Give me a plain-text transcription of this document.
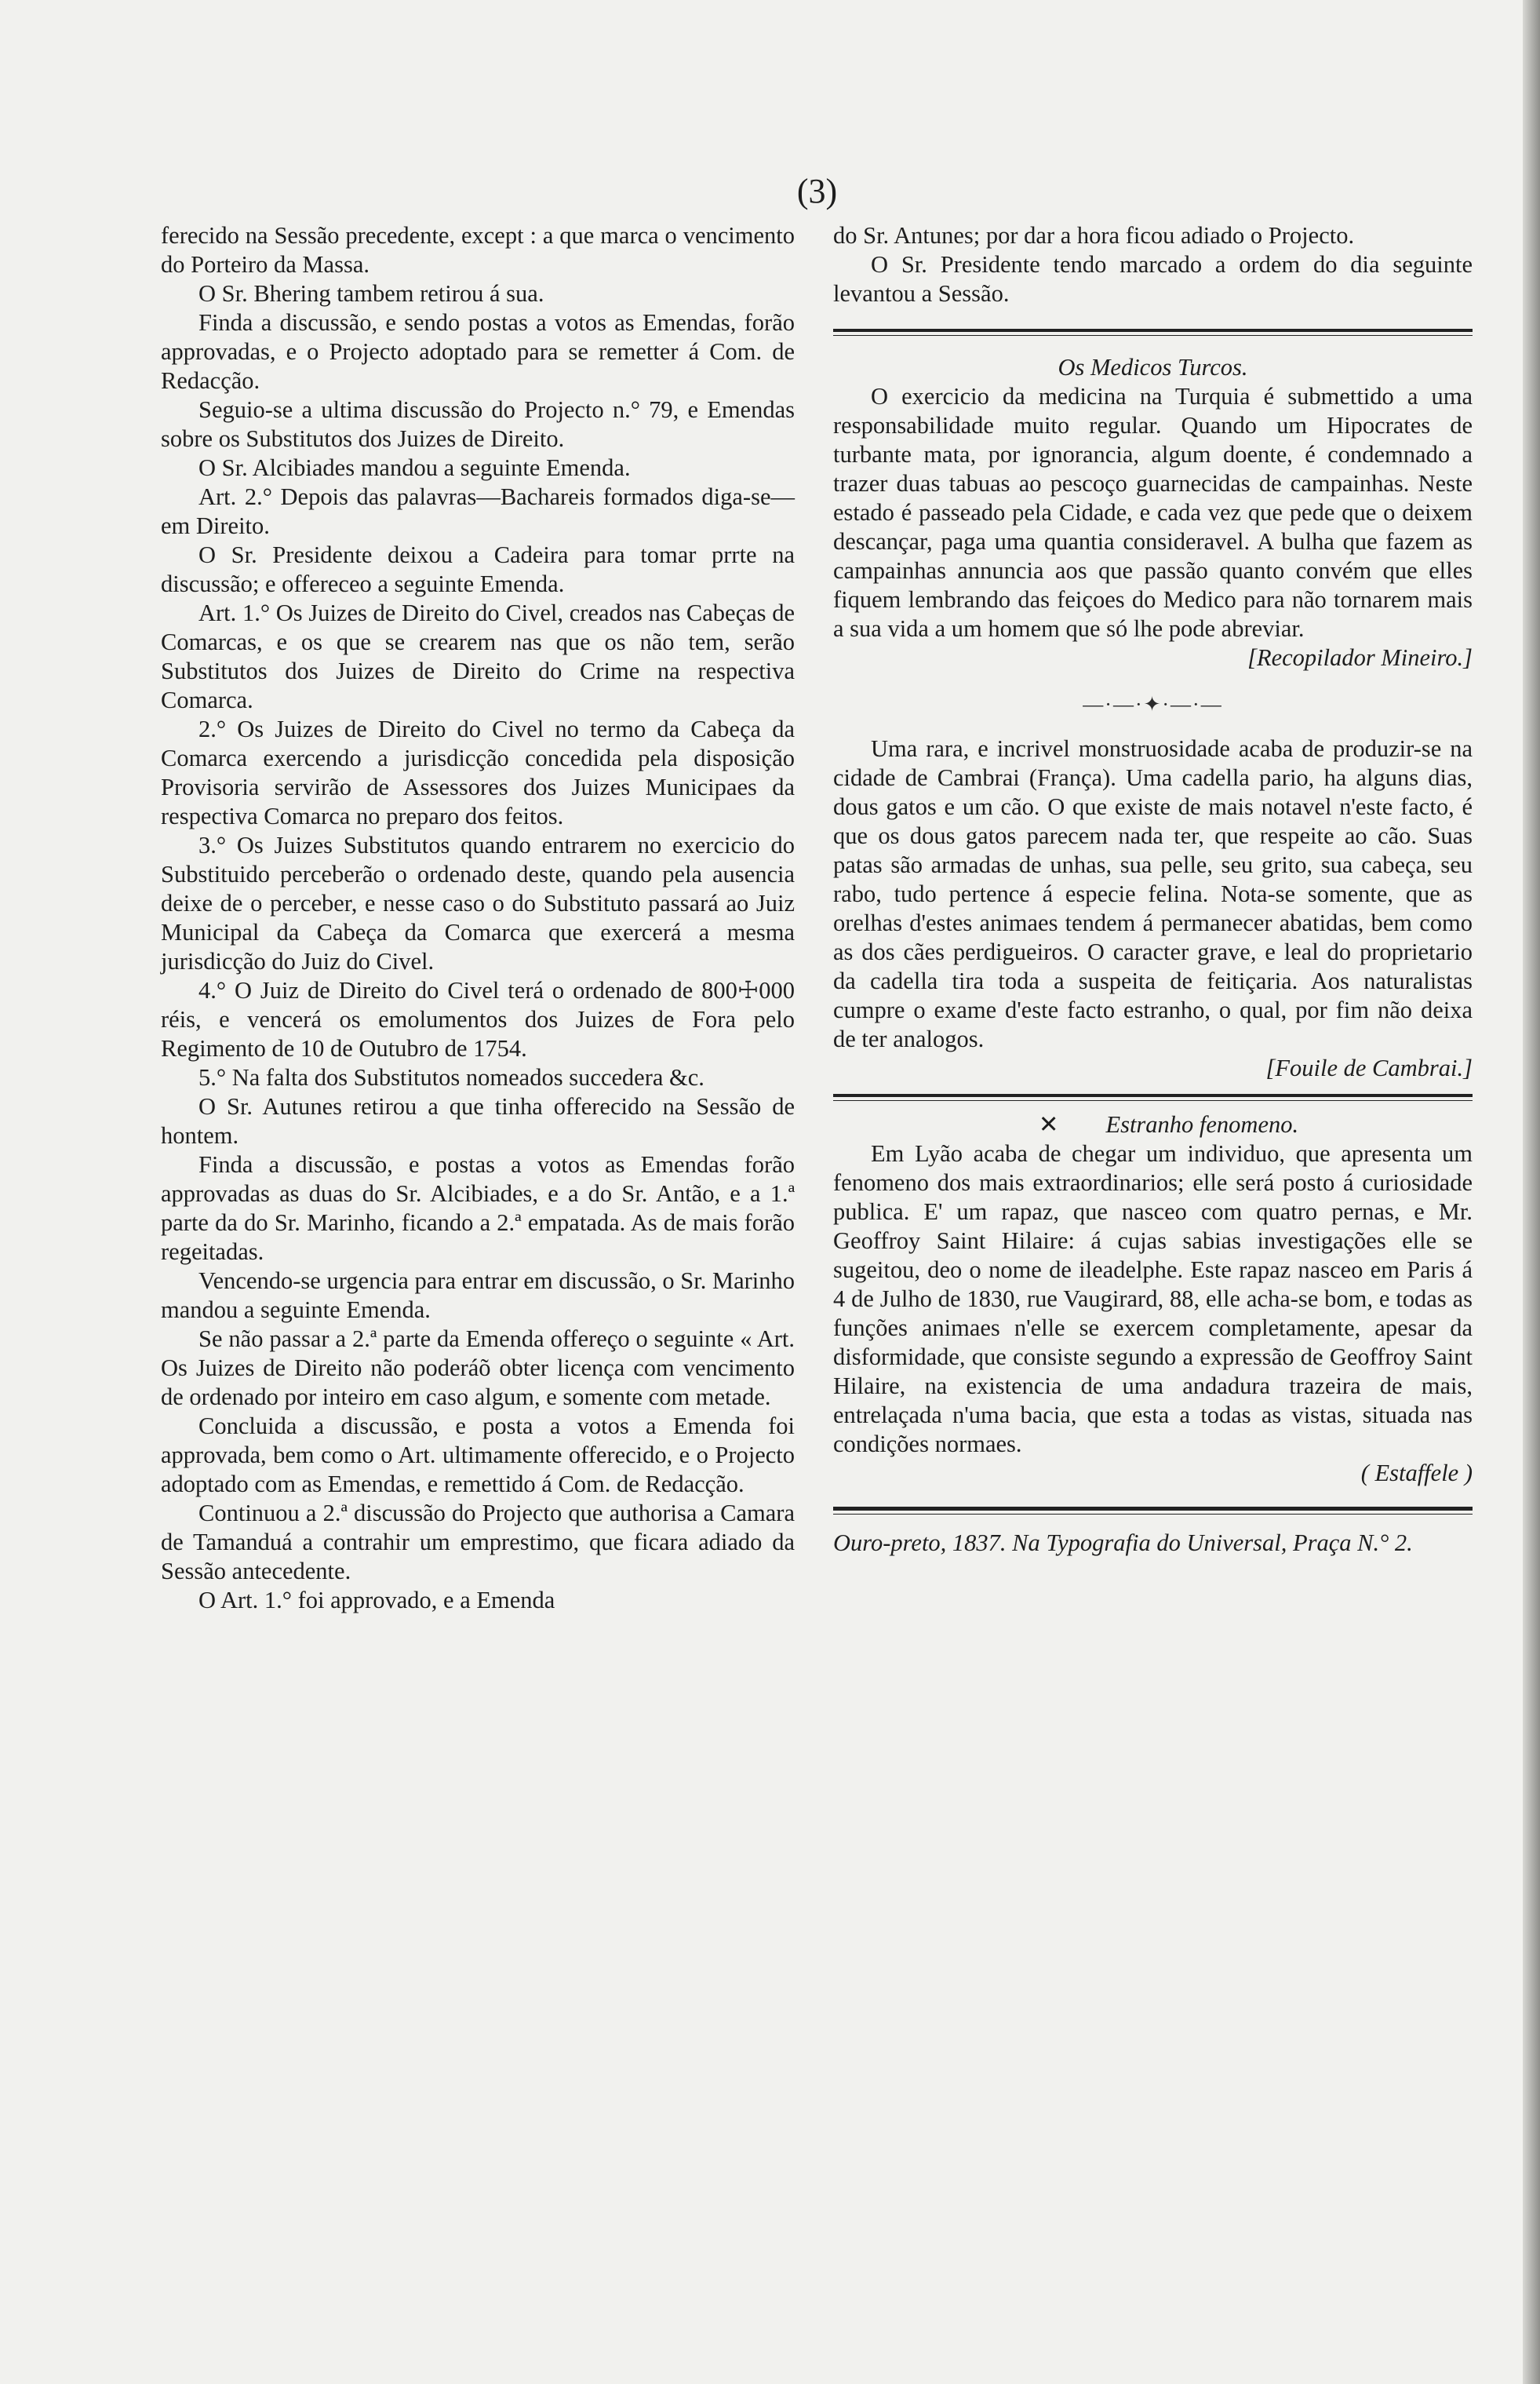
(3)

ferecido na Sessão precedente, except : a que marca o vencimento do Porteiro da Massa.

O Sr. Bhering tambem retirou á sua.

Finda a discussão, e sendo postas a votos as Emendas, forão approvadas, e o Projecto adoptado para se remetter á Com. de Redacção.

Seguio-se a ultima discussão do Projecto n.° 79, e Emendas sobre os Substitutos dos Juizes de Direito.

O Sr. Alcibiades mandou a seguinte Emenda.

Art. 2.° Depois das palavras—Bachareis formados diga-se—em Direito.

O Sr. Presidente deixou a Cadeira para tomar prrte na discussão; e offereceo a seguinte Emenda.

Art. 1.° Os Juizes de Direito do Civel, creados nas Cabeças de Comarcas, e os que se crearem nas que os não tem, serão Substitutos dos Juizes de Direito do Crime na respectiva Comarca.

2.° Os Juizes de Direito do Civel no termo da Cabeça da Comarca exercendo a jurisdicção concedida pela disposição Provisoria servirão de Assessores dos Juizes Municipaes da respectiva Comarca no preparo dos feitos.

3.° Os Juizes Substitutos quando entrarem no exercicio do Substituido perceberão o ordenado deste, quando pela ausencia deixe de o perceber, e nesse caso o do Substituto passará ao Juiz Municipal da Cabeça da Comarca que exercerá a mesma jurisdicção do Juiz do Civel.

4.° O Juiz de Direito do Civel terá o ordenado de 800☩000 réis, e vencerá os emolumentos dos Juizes de Fora pelo Regimento de 10 de Outubro de 1754.

5.° Na falta dos Substitutos nomeados succedera &c.

O Sr. Autunes retirou a que tinha offerecido na Sessão de hontem.

Finda a discussão, e postas a votos as Emendas forão approvadas as duas do Sr. Alcibiades, e a do Sr. Antão, e a 1.ª parte da do Sr. Marinho, ficando a 2.ª empatada. As de mais forão regeitadas.

Vencendo-se urgencia para entrar em discussão, o Sr. Marinho mandou a seguinte Emenda.

Se não passar a 2.ª parte da Emenda offereço o seguinte « Art. Os Juizes de Direito não poderáõ obter licença com vencimento de ordenado por inteiro em caso algum, e somente com metade.

Concluida a discussão, e posta a votos a Emenda foi approvada, bem como o Art. ultimamente offerecido, e o Projecto adoptado com as Emendas, e remettido á Com. de Redacção.

Continuou a 2.ª discussão do Projecto que authorisa a Camara de Tamanduá a contrahir um emprestimo, que ficara adiado da Sessão antecedente.

O Art. 1.° foi approvado, e a Emenda

do Sr. Antunes; por dar a hora ficou adiado o Projecto.

O Sr. Presidente tendo marcado a ordem do dia seguinte levantou a Sessão.

Os Medicos Turcos.

O exercicio da medicina na Turquia é submettido a uma responsabilidade muito regular. Quando um Hipocrates de turbante mata, por ignorancia, algum doente, é condemnado a trazer duas tabuas ao pescoço guarnecidas de campainhas. Neste estado é passeado pela Cidade, e cada vez que pede que o deixem descançar, paga uma quantia consideravel. A bulha que fazem as campainhas annuncia aos que passão quanto convém que elles fiquem lembrando das feiçoes do Medico para não tornarem mais a sua vida a um homem que só lhe pode abreviar.

[Recopilador Mineiro.]

—·—·✦·—·—

Uma rara, e incrivel monstruosidade acaba de produzir-se na cidade de Cambrai (França). Uma cadella pario, ha alguns dias, dous gatos e um cão. O que existe de mais notavel n'este facto, é que os dous gatos parecem nada ter, que respeite ao cão. Suas patas são armadas de unhas, sua pelle, seu grito, sua cabeça, seu rabo, tudo pertence á especie felina. Nota-se somente, que as orelhas d'estes animaes tendem á permanecer abatidas, bem como as dos cães perdigueiros. O caracter grave, e leal do proprietario da cadella tira toda a suspeita de feitiçaria. Aos naturalistas cumpre o exame d'este facto estranho, o qual, por fim não deixa de ter analogos.

[Fouile de Cambrai.]

✕ Estranho fenomeno.

Em Lyão acaba de chegar um individuo, que apresenta um fenomeno dos mais extraordinarios; elle será posto á curiosidade publica. E' um rapaz, que nasceo com quatro pernas, e Mr. Geoffroy Saint Hilaire: á cujas sabias investigações elle se sugeitou, deo o nome de ileadelphe. Este rapaz nasceo em Paris á 4 de Julho de 1830, rue Vaugirard, 88, elle acha-se bom, e todas as funções animaes n'elle se exercem completamente, apesar da disformidade, que consiste segundo a expressão de Geoffroy Saint Hilaire, na existencia de uma andadura trazeira de mais, entrelaçada n'uma bacia, que esta a todas as vistas, situada nas condições normaes.

( Estaffele )

Ouro-preto, 1837. Na Typografia do Universal, Praça N.° 2.
